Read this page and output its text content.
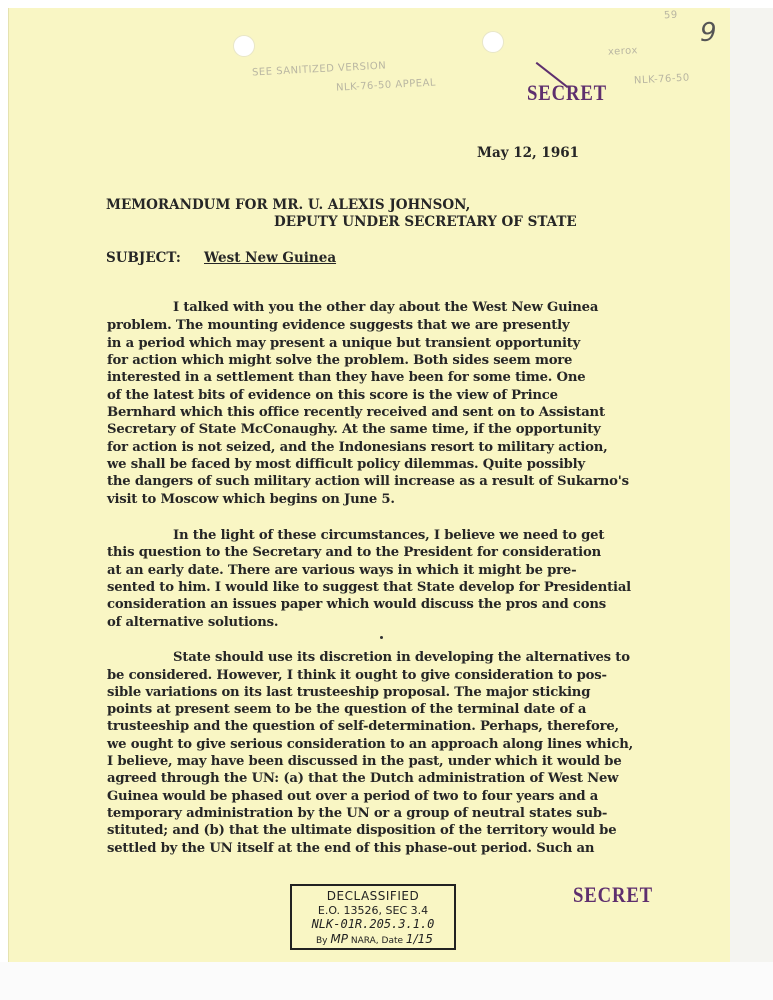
9
SEE SANITIZED VERSION
NLK-76-50 APPEAL
xerox
NLK-76-50
59
SECRET
May 12, 1961
MEMORANDUM FOR MR. U. ALEXIS JOHNSON,
DEPUTY UNDER SECRETARY OF STATE
SUBJECT: West New Guinea
I talked with you the other day about the West New Guinea
problem. The mounting evidence suggests that we are presently
in a period which may present a unique but transient opportunity
for action which might solve the problem. Both sides seem more
interested in a settlement than they have been for some time. One
of the latest bits of evidence on this score is the view of Prince
Bernhard which this office recently received and sent on to Assistant
Secretary of State McConaughy. At the same time, if the opportunity
for action is not seized, and the Indonesians resort to military action,
we shall be faced by most difficult policy dilemmas. Quite possibly
the dangers of such military action will increase as a result of Sukarno's
visit to Moscow which begins on June 5.
In the light of these circumstances, I believe we need to get
this question to the Secretary and to the President for consideration
at an early date. There are various ways in which it might be pre-
sented to him. I would like to suggest that State develop for Presidential
consideration an issues paper which would discuss the pros and cons
of alternative solutions.
State should use its discretion in developing the alternatives to
be considered. However, I think it ought to give consideration to pos-
sible variations on its last trusteeship proposal. The major sticking
points at present seem to be the question of the terminal date of a
trusteeship and the question of self-determination. Perhaps, therefore,
we ought to give serious consideration to an approach along lines which,
I believe, may have been discussed in the past, under which it would be
agreed through the UN: (a) that the Dutch administration of West New
Guinea would be phased out over a period of two to four years and a
temporary administration by the UN or a group of neutral states sub-
stituted; and (b) that the ultimate disposition of the territory would be
settled by the UN itself at the end of this phase-out period. Such an
DECLASSIFIED
E.O. 13526, SEC 3.4
NLK-01R.205.3.1.0
By MP NARA, Date 1/15
SECRET
